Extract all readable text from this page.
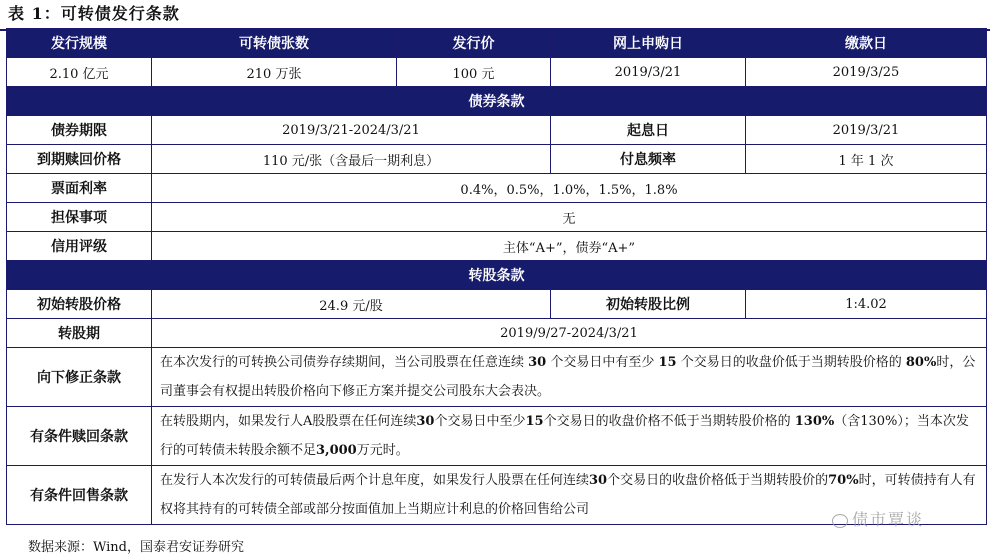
表 1：可转债发行条款
发行规模	可转债张数	发行价	网上申购日	缴款日
2.10 亿元	210 万张	100 元	2019/3/21	2019/3/25
债券条款				
债券期限	2019/3/21-2024/3/21		起息日	2019/3/21
到期赎回价格	110 元/张（含最后一期利息）		付息频率	1 年 1 次
票面利率	0.4%，0.5%，1.0%，1.5%，1.8%			
担保事项	无			
信用评级	主体“A+”，债券“A+”			
转股条款				
初始转股价格	24.9 元/股		初始转股比例	1:4.02
转股期	2019/9/27-2024/3/21			
向下修正条款	在本次发行的可转换公司债券存续期间，当公司股票在任意连续 30 个交易日中有至少 15 个交易日的收盘价低于当期转股价格的 80%时，公司董事会有权提出转股价格向下修正方案并提交公司股东大会表决。			
有条件赎回条款	在转股期内，如果发行人A股股票在任何连续30个交易日中至少15个交易日的收盘价格不低于当期转股价格的 130%（含130%）；当本次发行的可转债未转股余额不足3,000万元时。			
有条件回售条款	在发行人本次发行的可转债最后两个计息年度，如果发行人股票在任何连续30个交易日的收盘价格低于当期转股价的70%时，可转债持有人有权将其持有的可转债全部或部分按面值加上当期应计利息的价格回售给公司			
债市覃谈
数据来源：Wind，国泰君安证券研究
